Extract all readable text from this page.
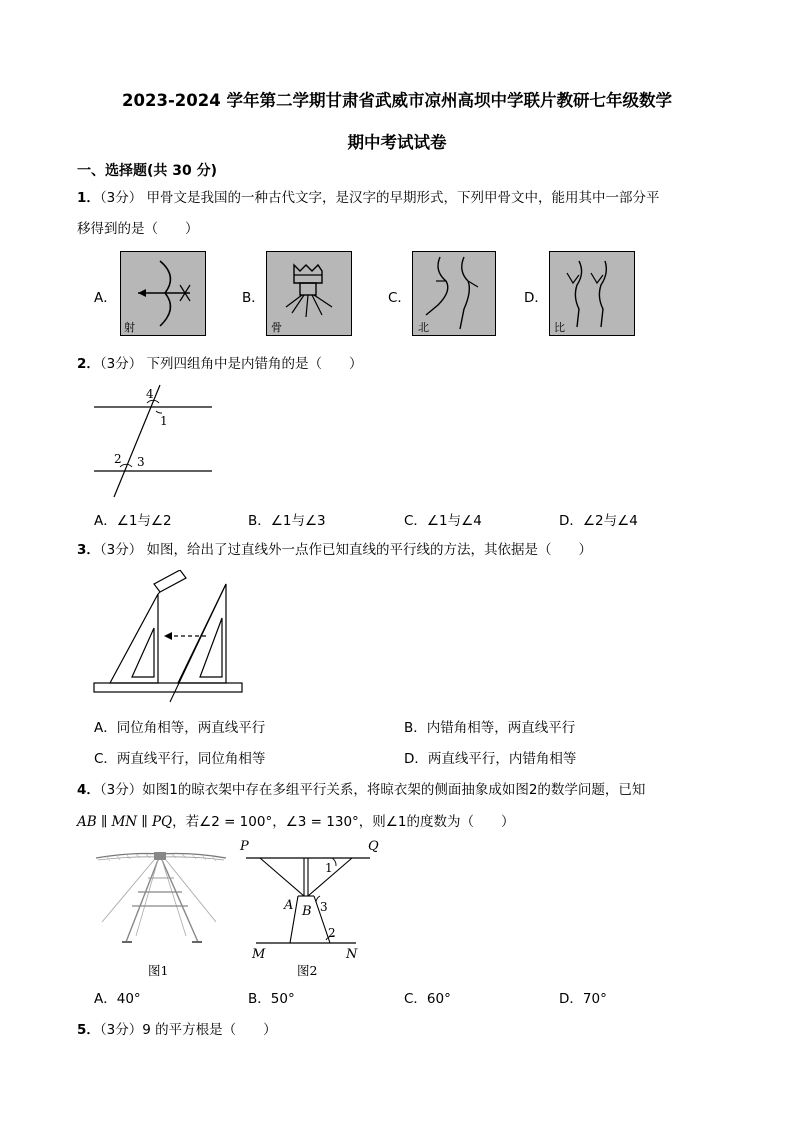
2023-2024 学年第二学期甘肃省武威市凉州高坝中学联片教研七年级数学
期中考试试卷
一、选择题(共 30 分)
1．（3分） 甲骨文是我国的一种古代文字，是汉字的早期形式，下列甲骨文中，能用其中一部分平
移得到的是（　　）
A．
射
B．
骨
C．
北
D．
比
2．（3分） 下列四组角中是内错角的是（　　）
4
1
2 3
A．∠1与∠2	B．∠1与∠3	C．∠1与∠4	D．∠2与∠4
3．（3分） 如图，给出了过直线外一点作已知直线的平行线的方法，其依据是（　　）
A．同位角相等，两直线平行	B．内错角相等，两直线平行
C．两直线平行，同位角相等	D．两直线平行，内错角相等
4．（3分）如图1的晾衣架中存在多组平行关系，将晾衣架的侧面抽象成如图2的数学问题，已知
AB ∥ MN ∥ PQ，若∠2 = 100°，∠3 = 130°，则∠1的度数为（　　）
图1
P	Q
1
A B 3
2
M	N
图2
A．40°	B．50°	C．60°	D．70°
5．（3分）9 的平方根是（　　）
